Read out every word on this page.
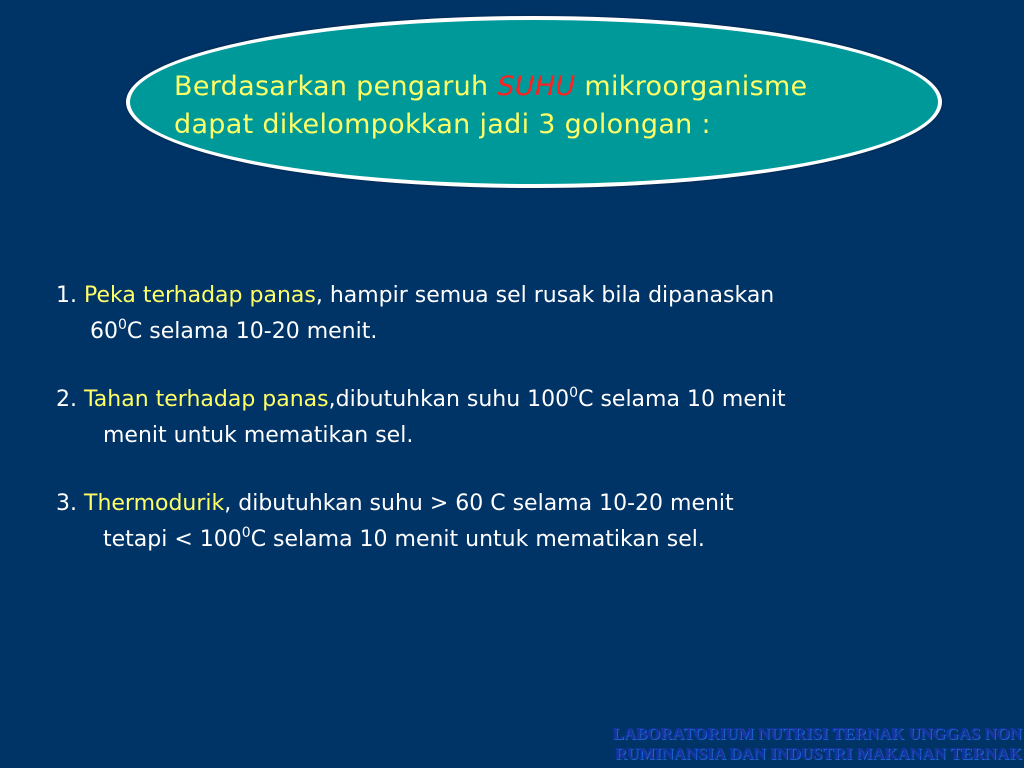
Berdasarkan pengaruh SUHU mikroorganisme
dapat dikelompokkan jadi 3 golongan :
1. Peka terhadap panas, hampir semua sel rusak bila dipanaskan
$60^0C$ selama 10-20 menit.
2. Tahan terhadap panas,dibutuhkan suhu $100^0C$ selama 10 menit
menit untuk mematikan sel.
3. Thermodurik, dibutuhkan suhu > 60 C selama 10-20 menit
tetapi < $100^0C$ selama 10 menit untuk mematikan sel.
LABORATORIUM NUTRISI TERNAK UNGGAS NON
RUMINANSIA DAN INDUSTRI MAKANAN TERNAK
